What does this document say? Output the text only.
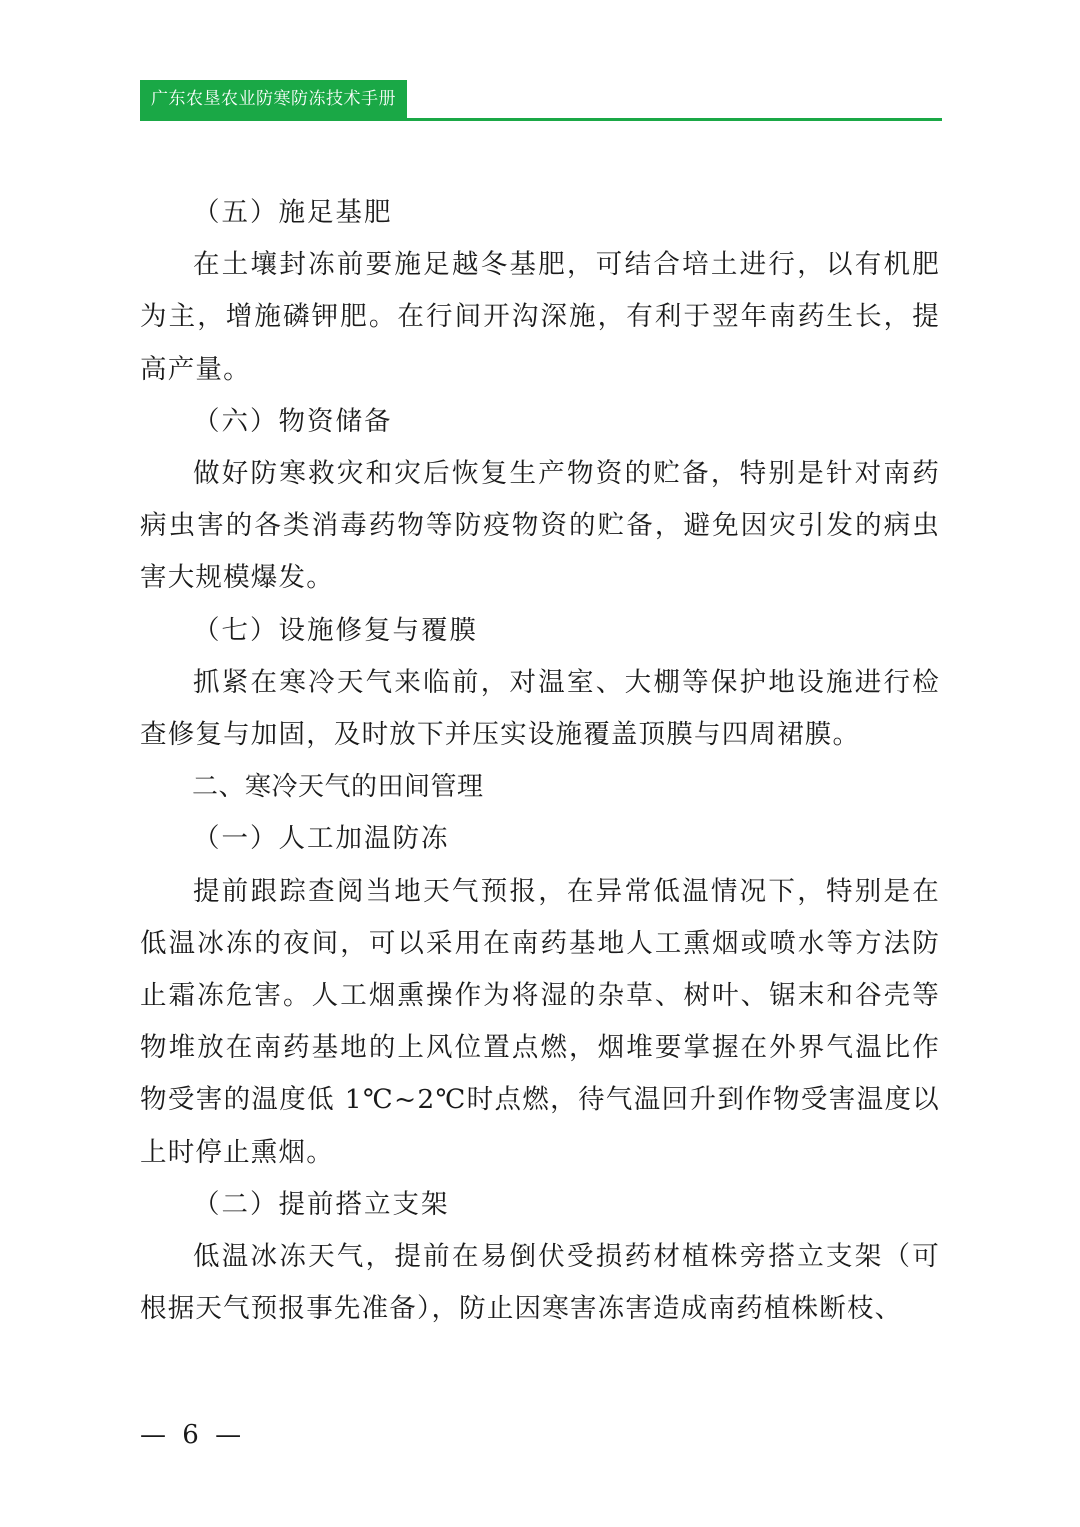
广东农垦农业防寒防冻技术手册

（五）施足基肥

在土壤封冻前要施足越冬基肥，可结合培土进行，以有机肥为主，增施磷钾肥。在行间开沟深施，有利于翌年南药生长，提高产量。

（六）物资储备

做好防寒救灾和灾后恢复生产物资的贮备，特别是针对南药病虫害的各类消毒药物等防疫物资的贮备，避免因灾引发的病虫害大规模爆发。

（七）设施修复与覆膜

抓紧在寒冷天气来临前，对温室、大棚等保护地设施进行检查修复与加固，及时放下并压实设施覆盖顶膜与四周裙膜。

二、寒冷天气的田间管理

（一）人工加温防冻

提前跟踪查阅当地天气预报，在异常低温情况下，特别是在低温冰冻的夜间，可以采用在南药基地人工熏烟或喷水等方法防止霜冻危害。人工烟熏操作为将湿的杂草、树叶、锯末和谷壳等物堆放在南药基地的上风位置点燃，烟堆要掌握在外界气温比作物受害的温度低 1℃~2℃时点燃，待气温回升到作物受害温度以上时停止熏烟。

（二）提前搭立支架

低温冰冻天气，提前在易倒伏受损药材植株旁搭立支架（可根据天气预报事先准备），防止因寒害冻害造成南药植株断枝、

— 6 —
